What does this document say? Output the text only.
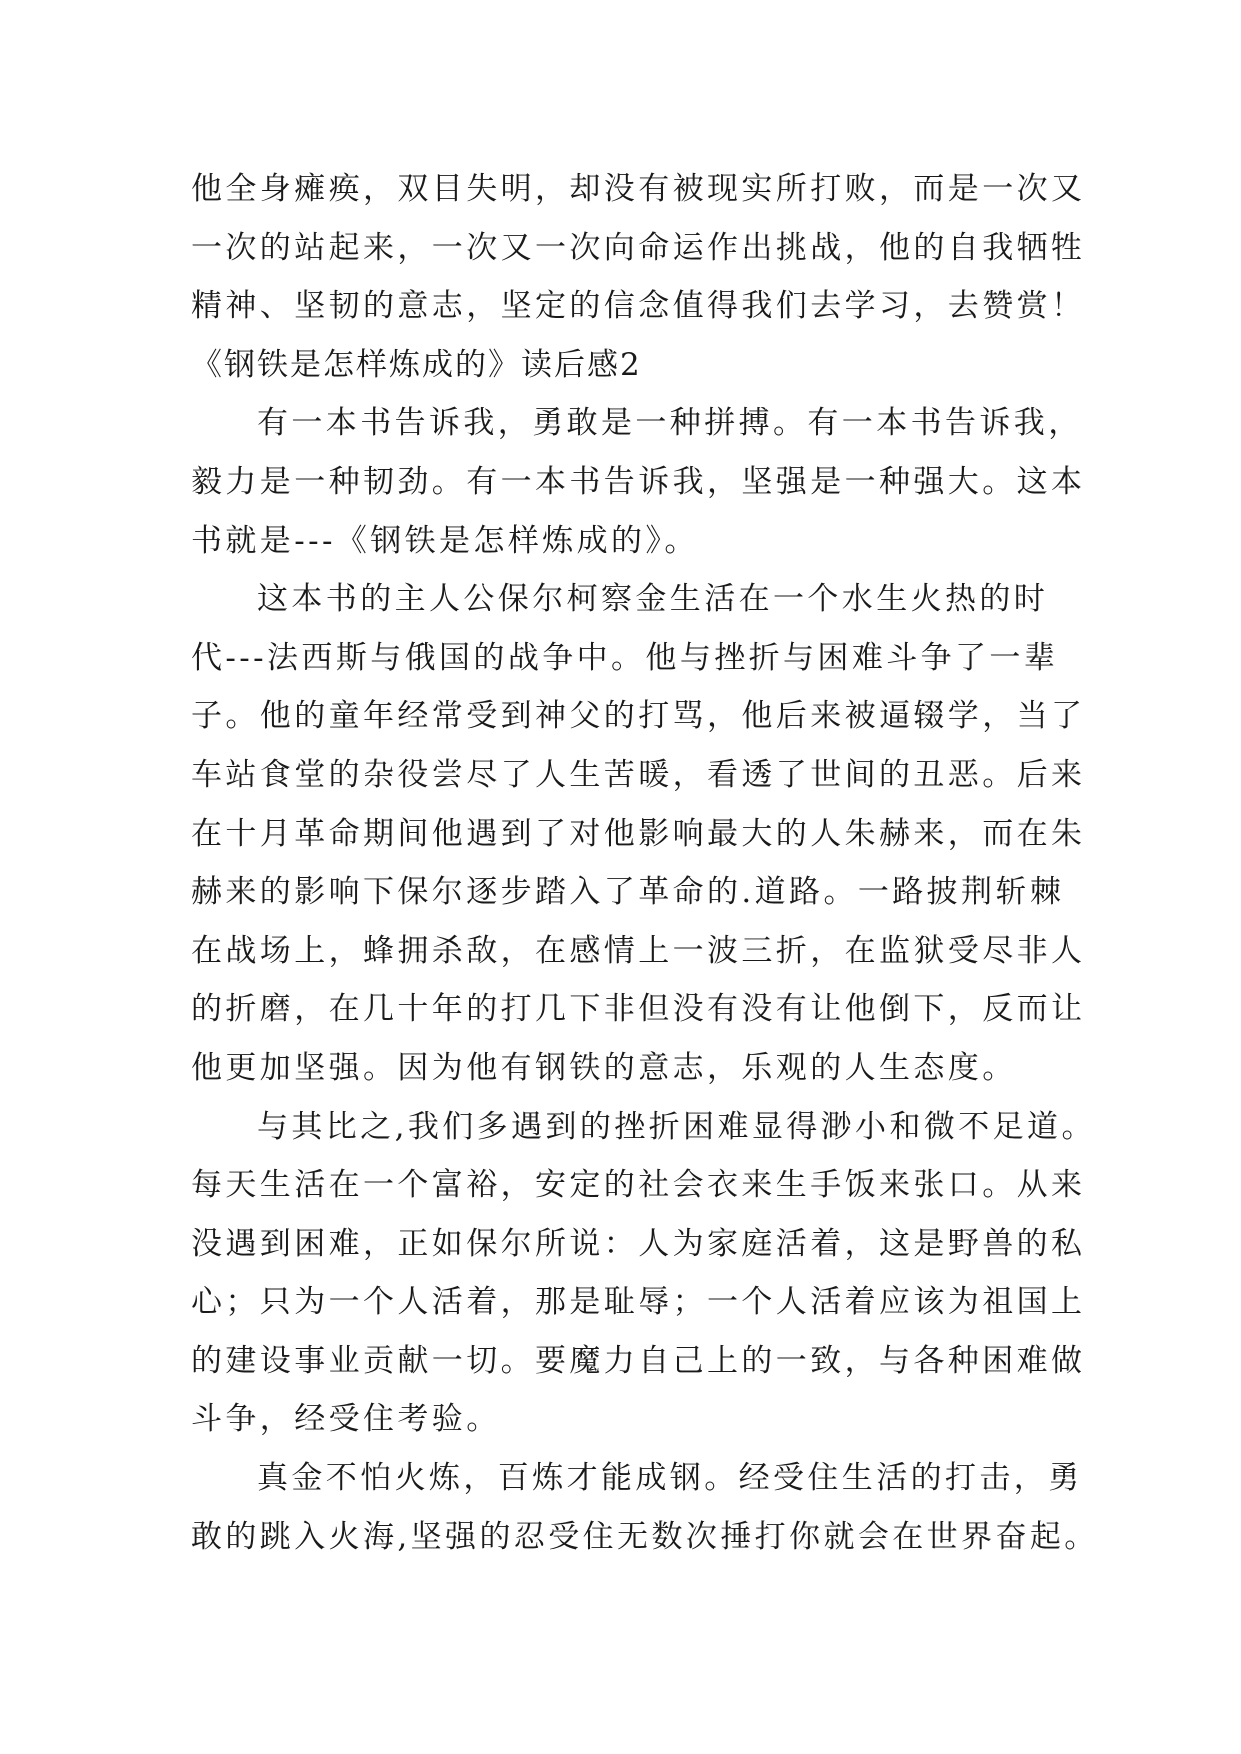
他全身瘫痪，双目失明，却没有被现实所打败，而是一次又
一次的站起来，一次又一次向命运作出挑战，他的自我牺牲
精神、坚韧的意志，坚定的信念值得我们去学习，去赞赏！
《钢铁是怎样炼成的》读后感2
有一本书告诉我，勇敢是一种拼搏。有一本书告诉我，
毅力是一种韧劲。有一本书告诉我，坚强是一种强大。这本
书就是---《钢铁是怎样炼成的》。
这本书的主人公保尔柯察金生活在一个水生火热的时
代---法西斯与俄国的战争中。他与挫折与困难斗争了一辈
子。他的童年经常受到神父的打骂，他后来被逼辍学，当了
车站食堂的杂役尝尽了人生苦暖，看透了世间的丑恶。后来
在十月革命期间他遇到了对他影响最大的人朱赫来，而在朱
赫来的影响下保尔逐步踏入了革命的.道路。一路披荆斩棘
在战场上，蜂拥杀敌，在感情上一波三折，在监狱受尽非人
的折磨，在几十年的打几下非但没有没有让他倒下，反而让
他更加坚强。因为他有钢铁的意志，乐观的人生态度。
与其比之,我们多遇到的挫折困难显得渺小和微不足道。
每天生活在一个富裕，安定的社会衣来生手饭来张口。从来
没遇到困难，正如保尔所说：人为家庭活着，这是野兽的私
心；只为一个人活着，那是耻辱；一个人活着应该为祖国上
的建设事业贡献一切。要魔力自己上的一致，与各种困难做
斗争，经受住考验。
真金不怕火炼，百炼才能成钢。经受住生活的打击，勇
敢的跳入火海,坚强的忍受住无数次捶打你就会在世界奋起。
